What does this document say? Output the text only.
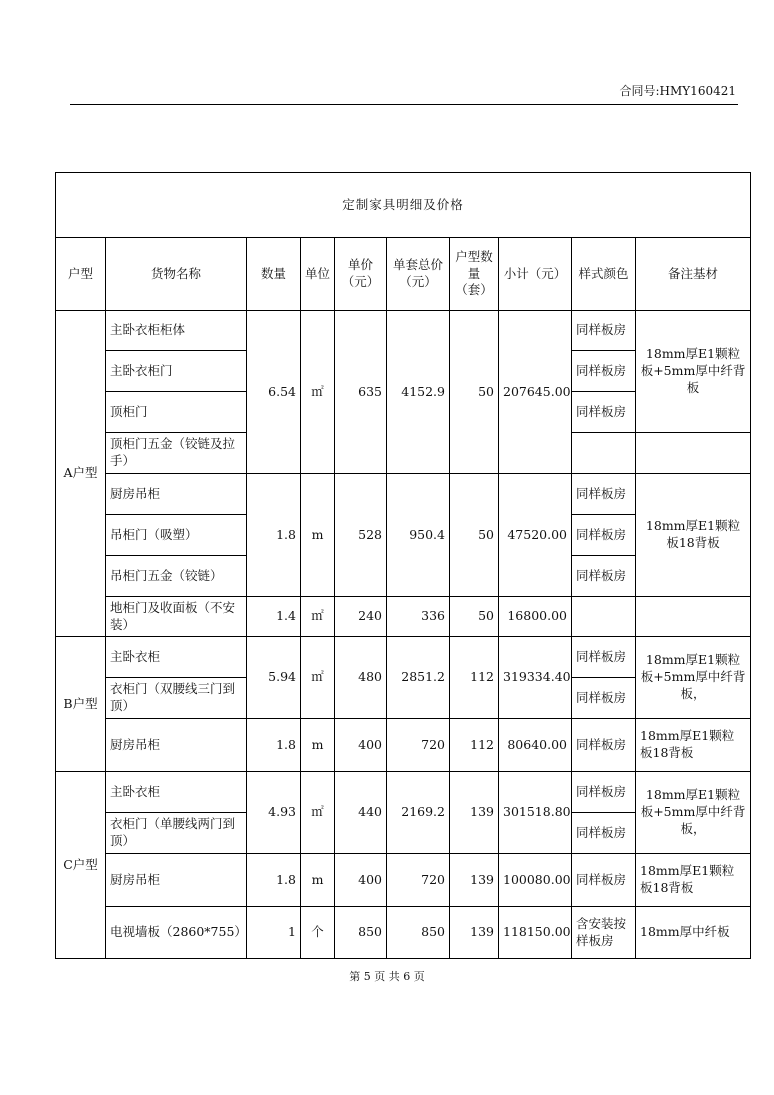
合同号:HMY160421
定制家具明细及价格									
户型	货物名称	数量	单位	单价（元）	单套总价（元）	户型数量（套）	小计（元）	样式颜色	备注基材
A户型	主卧衣柜柜体	6.54	㎡	635	4152.9	50	207645.00	同样板房	18mm厚E1颗粒板+5mm厚中纤背板
	主卧衣柜门							同样板房	
	顶柜门							同样板房	
	顶柜门五金（铰链及拉手）								
	厨房吊柜	1.8	m	528	950.4	50	47520.00	同样板房	18mm厚E1颗粒板18背板
	吊柜门（吸塑）							同样板房	
	吊柜门五金（铰链）							同样板房	
	地柜门及收面板（不安装）	1.4	㎡	240	336	50	16800.00		
B户型	主卧衣柜	5.94	㎡	480	2851.2	112	319334.40	同样板房	18mm厚E1颗粒板+5mm厚中纤背板，
	衣柜门（双腰线三门到顶）							同样板房	
	厨房吊柜	1.8	m	400	720	112	80640.00	同样板房	18mm厚E1颗粒板18背板
C户型	主卧衣柜	4.93	㎡	440	2169.2	139	301518.80	同样板房	18mm厚E1颗粒板+5mm厚中纤背板，
	衣柜门（单腰线两门到顶）							同样板房	
	厨房吊柜	1.8	m	400	720	139	100080.00	同样板房	18mm厚E1颗粒板18背板
	电视墙板（2860*755）	1	个	850	850	139	118150.00	含安装按样板房	18mm厚中纤板
第 5 页 共 6 页
